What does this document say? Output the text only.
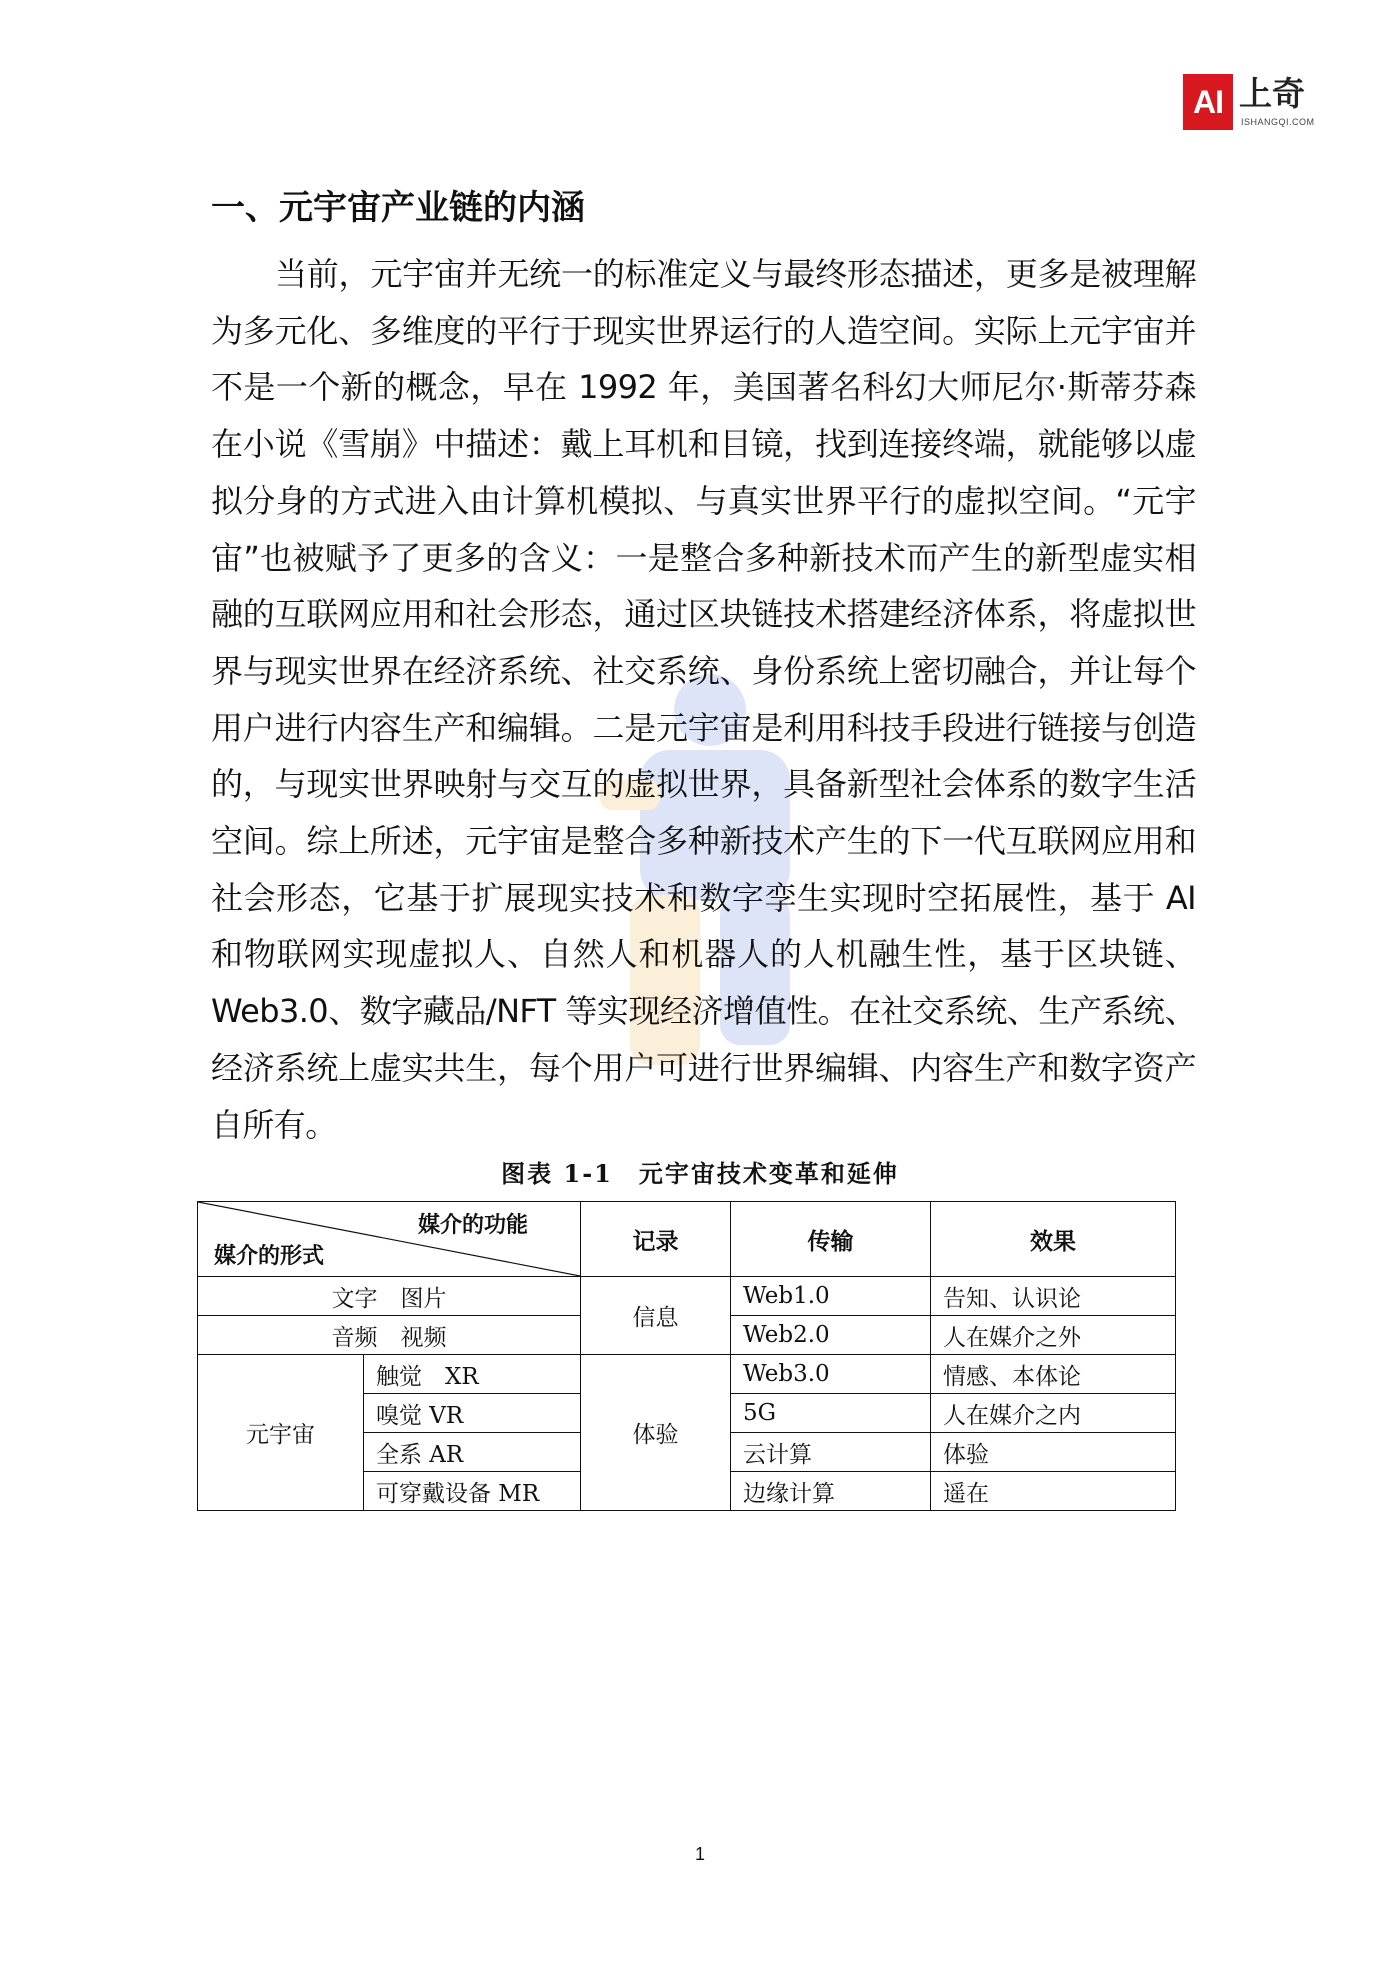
AI 上奇
ISHANGQI.COM
一、元宇宙产业链的内涵

当前，元宇宙并无统一的标准定义与最终形态描述，更多是被理解为多元化、多维度的平行于现实世界运行的人造空间。实际上元宇宙并不是一个新的概念，早在 1992 年，美国著名科幻大师尼尔·斯蒂芬森在小说《雪崩》中描述：戴上耳机和目镜，找到连接终端，就能够以虚拟分身的方式进入由计算机模拟、与真实世界平行的虚拟空间。“元宇宙”也被赋予了更多的含义：一是整合多种新技术而产生的新型虚实相融的互联网应用和社会形态，通过区块链技术搭建经济体系，将虚拟世界与现实世界在经济系统、社交系统、身份系统上密切融合，并让每个用户进行内容生产和编辑。二是元宇宙是利用科技手段进行链接与创造的，与现实世界映射与交互的虚拟世界，具备新型社会体系的数字生活空间。综上所述，元宇宙是整合多种新技术产生的下一代互联网应用和社会形态，它基于扩展现实技术和数字孪生实现时空拓展性，基于 AI 和物联网实现虚拟人、自然人和机器人的人机融生性，基于区块链、Web3.0、数字藏品/NFT 等实现经济增值性。在社交系统、生产系统、经济系统上虚实共生，每个用户可进行世界编辑、内容生产和数字资产自所有。

图表 1-1　元宇宙技术变革和延伸

媒介的功能
媒介的形式		记录	传输	效果
文字　图片		信息	Web1.0	告知、认识论
音频　视频			Web2.0	人在媒介之外
元宇宙	触觉　XR	体验	Web3.0	情感、本体论
	嗅觉 VR		5G	人在媒介之内
	全系 AR		云计算	体验
	可穿戴设备 MR		边缘计算	遥在
1
